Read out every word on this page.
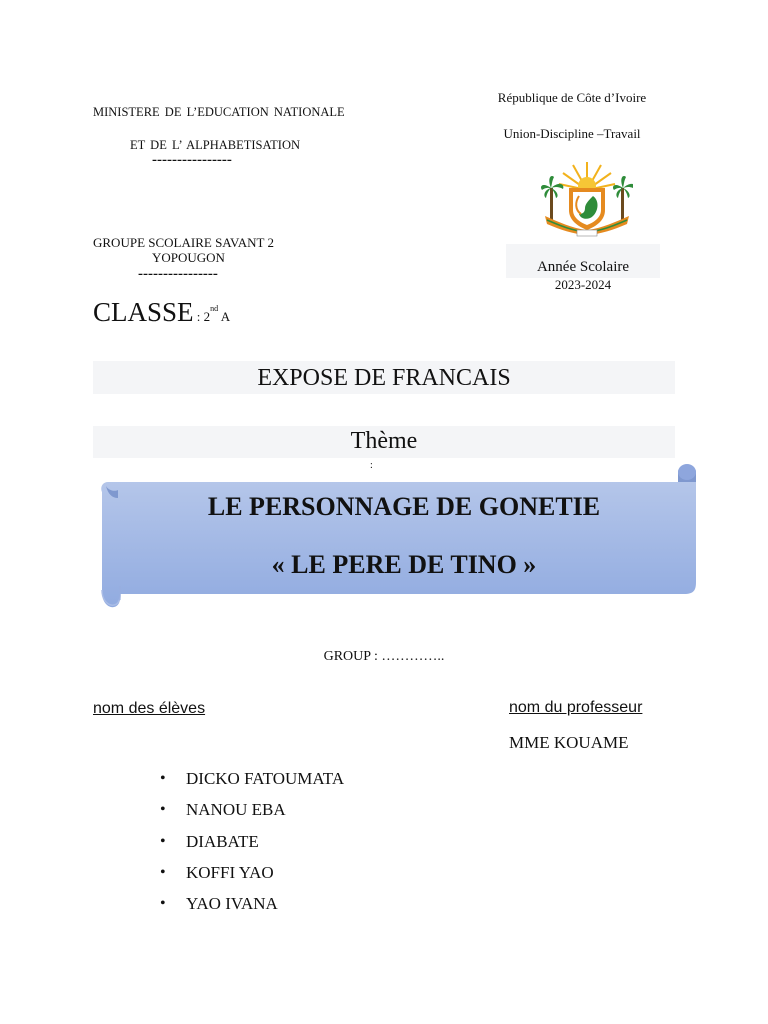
MINISTERE DE L’EDUCATION NATIONALE
ET DE L’ ALPHABETISATION
----------------
GROUPE SCOLAIRE SAVANT 2
YOPOUGON
----------------
République de Côte d’Ivoire
Union-Discipline –Travail
Année Scolaire
2023-2024
CLASSE : 2nd A
EXPOSE DE FRANCAIS
Thème
:
LE PERSONNAGE DE GONETIE
« LE PERE DE TINO »
GROUP : …………..
nom des élèves	nom du professeur
MME KOUAME
• DICKO FATOUMATA
• NANOU EBA
• DIABATE
• KOFFI YAO
• YAO IVANA
